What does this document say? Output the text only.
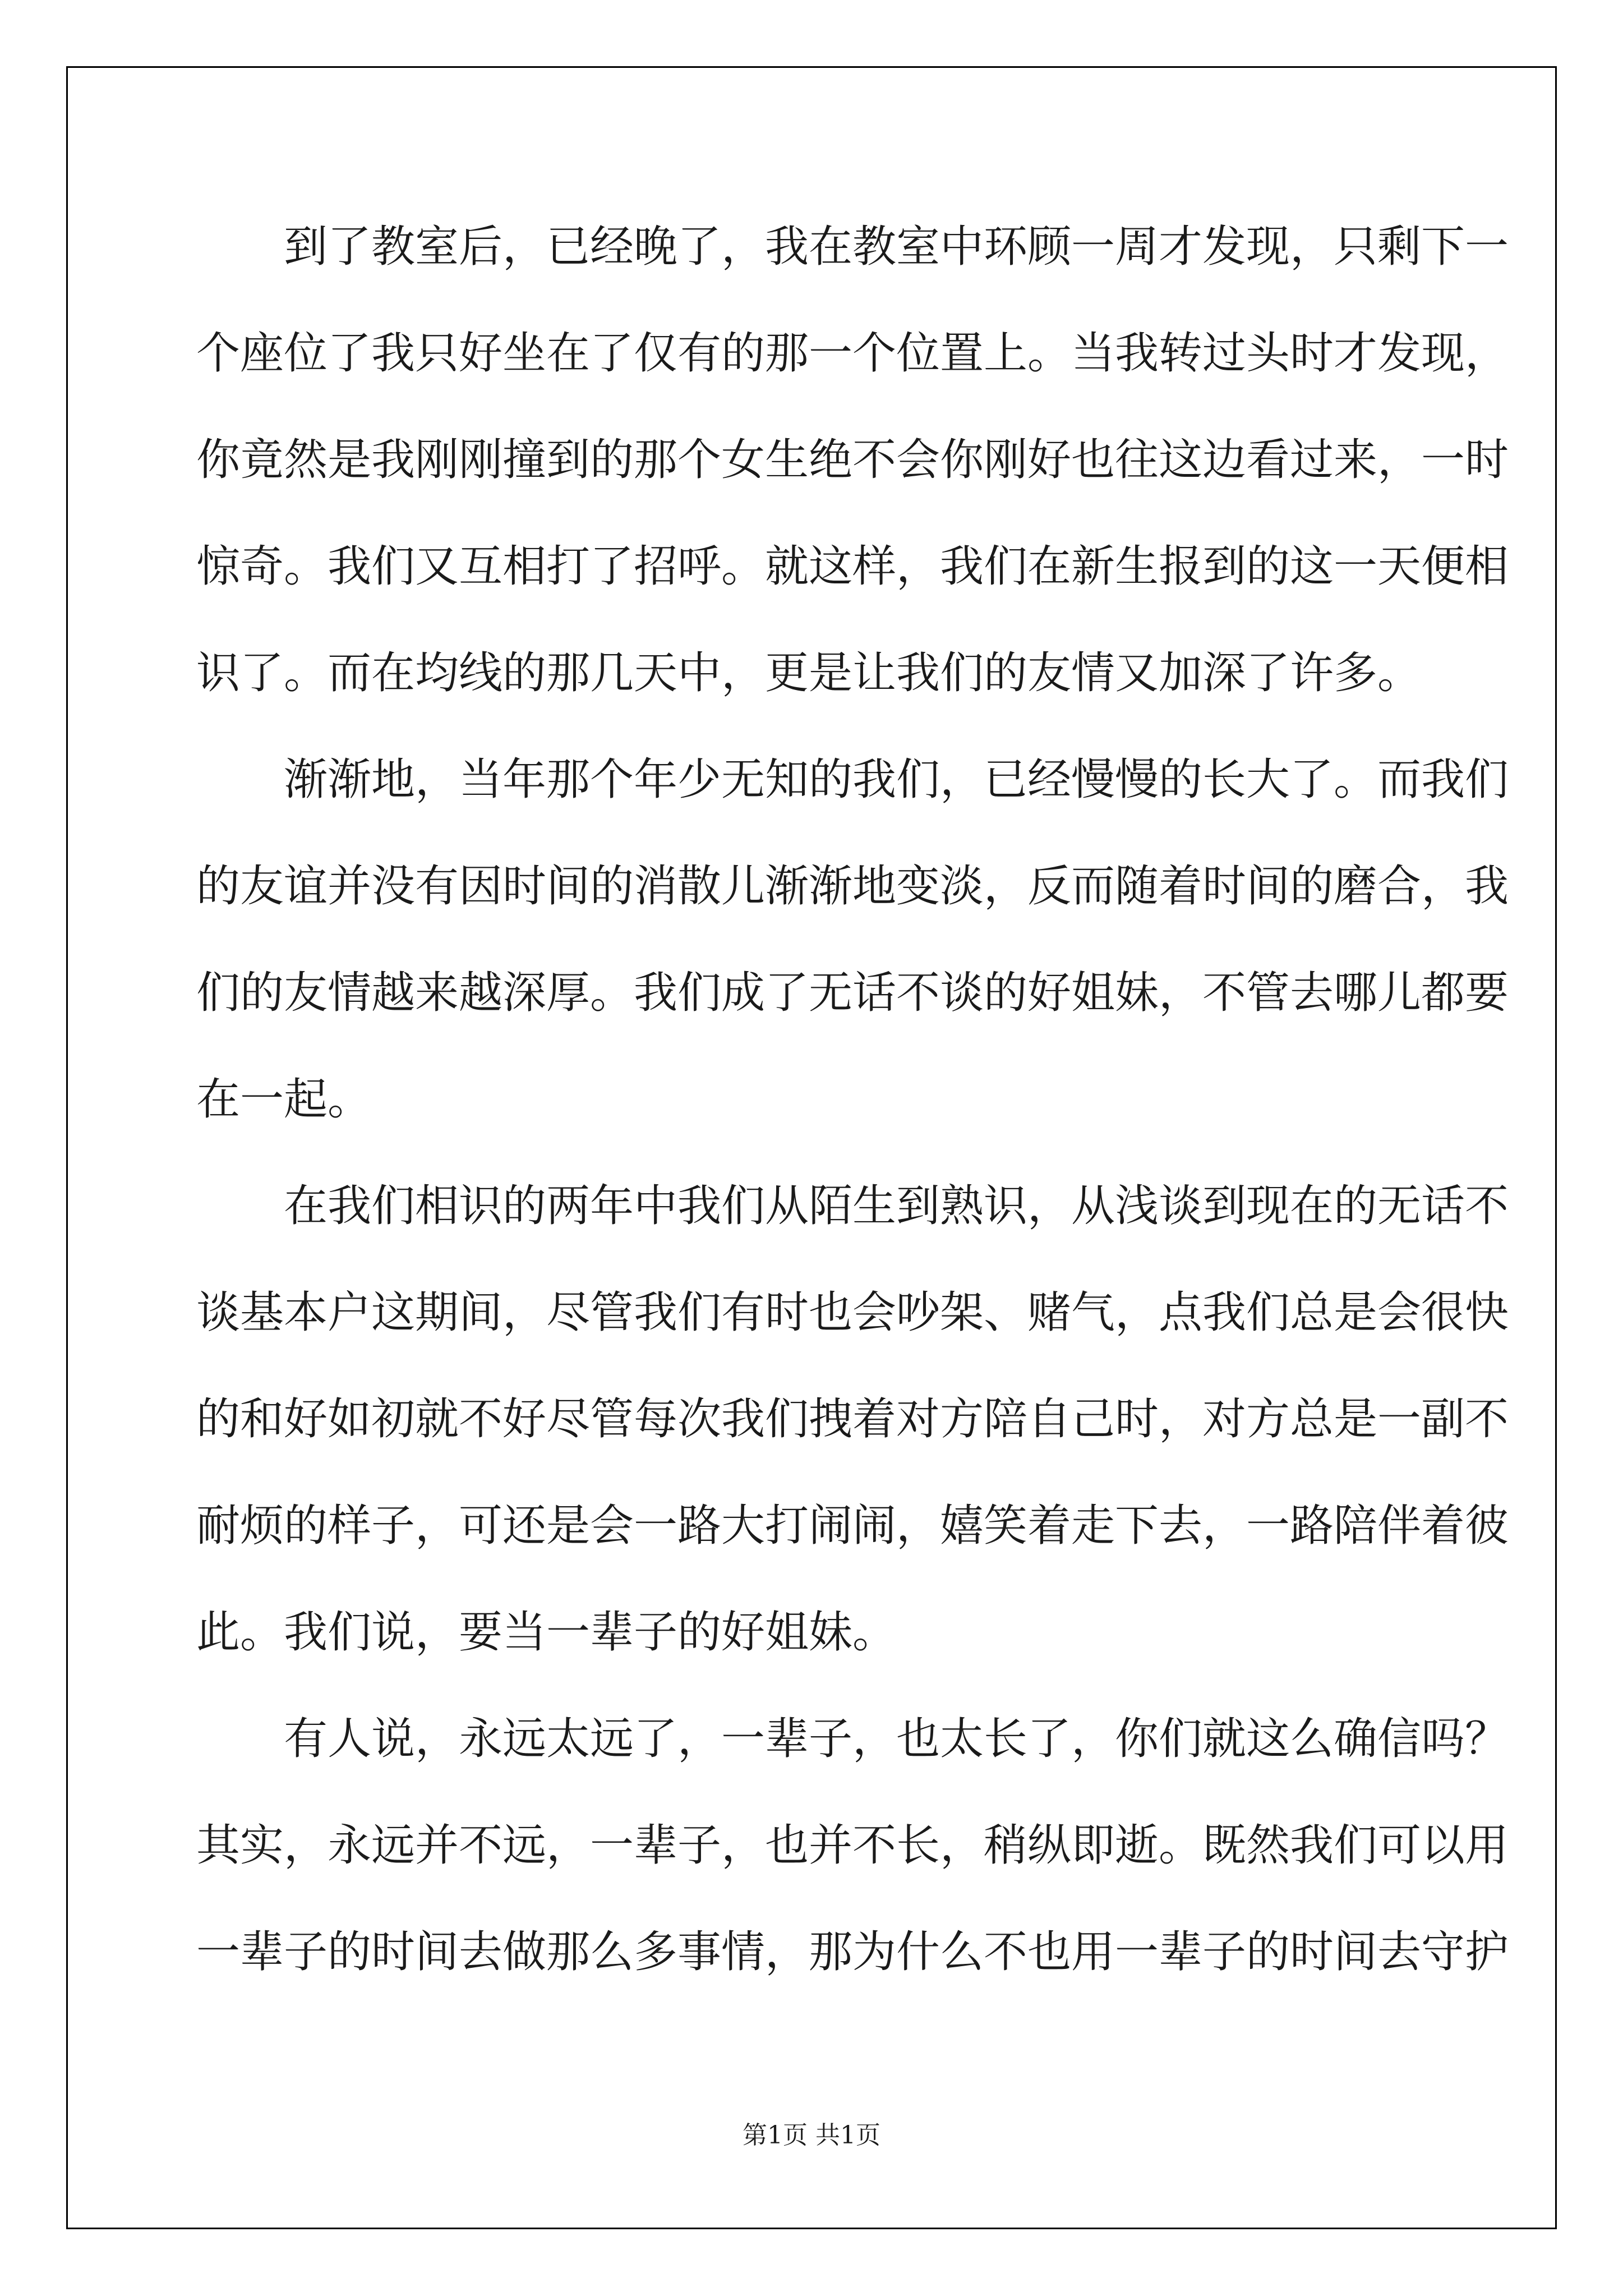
到了教室后，已经晚了，我在教室中环顾一周才发现，只剩下一
个座位了我只好坐在了仅有的那一个位置上。当我转过头时才发现，
你竟然是我刚刚撞到的那个女生绝不会你刚好也往这边看过来，一时
惊奇。我们又互相打了招呼。就这样，我们在新生报到的这一天便相
识了。而在均线的那几天中，更是让我们的友情又加深了许多。
渐渐地，当年那个年少无知的我们，已经慢慢的长大了。而我们
的友谊并没有因时间的消散儿渐渐地变淡，反而随着时间的磨合，我
们的友情越来越深厚。我们成了无话不谈的好姐妹，不管去哪儿都要
在一起。
在我们相识的两年中我们从陌生到熟识，从浅谈到现在的无话不
谈基本户这期间，尽管我们有时也会吵架、赌气，点我们总是会很快
的和好如初就不好尽管每次我们拽着对方陪自己时，对方总是一副不
耐烦的样子，可还是会一路大打闹闹，嬉笑着走下去，一路陪伴着彼
此。我们说，要当一辈子的好姐妹。
有人说，永远太远了，一辈子，也太长了，你们就这么确信吗？
其实，永远并不远，一辈子，也并不长，稍纵即逝。既然我们可以用
一辈子的时间去做那么多事情，那为什么不也用一辈子的时间去守护
第1页 共1页
